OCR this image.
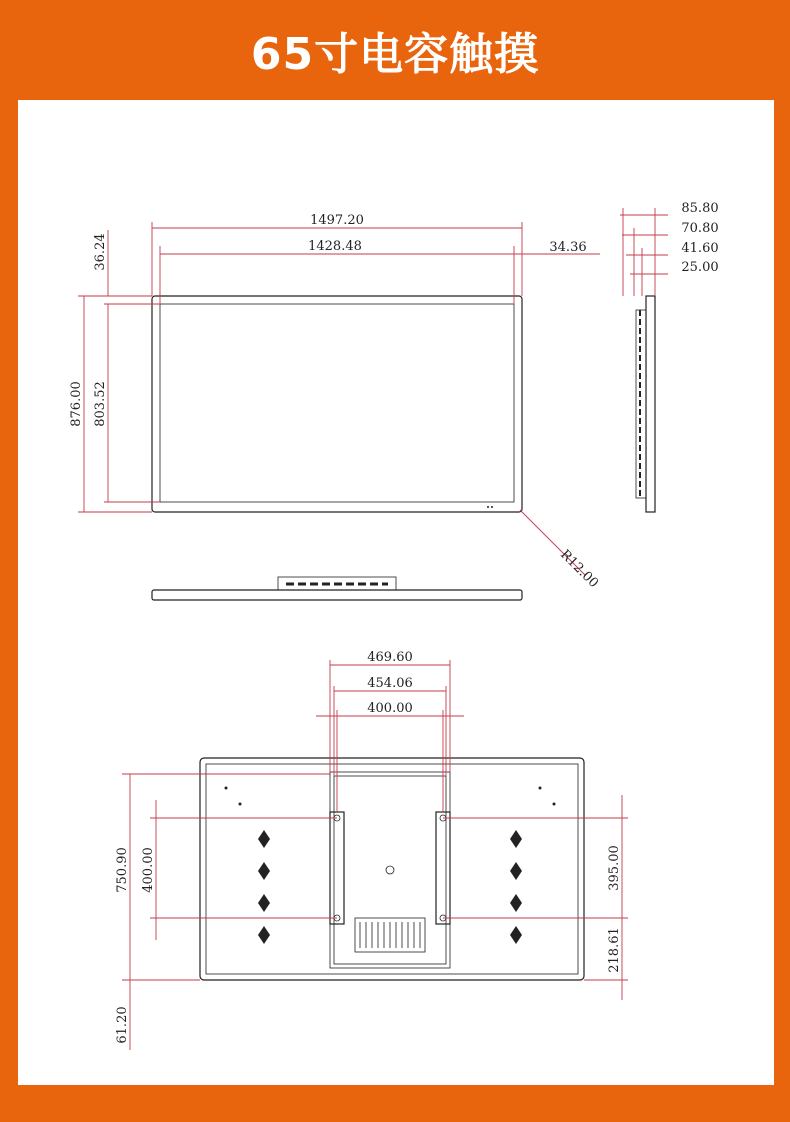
65寸电容触摸
1497.20
1428.48	34.36
876.00 803.52
36.24
R12.00
85.80
70.80
41.60
25.00
469.60
454.06
400.00
750.90 400.00
61.20
395.00
218.61
